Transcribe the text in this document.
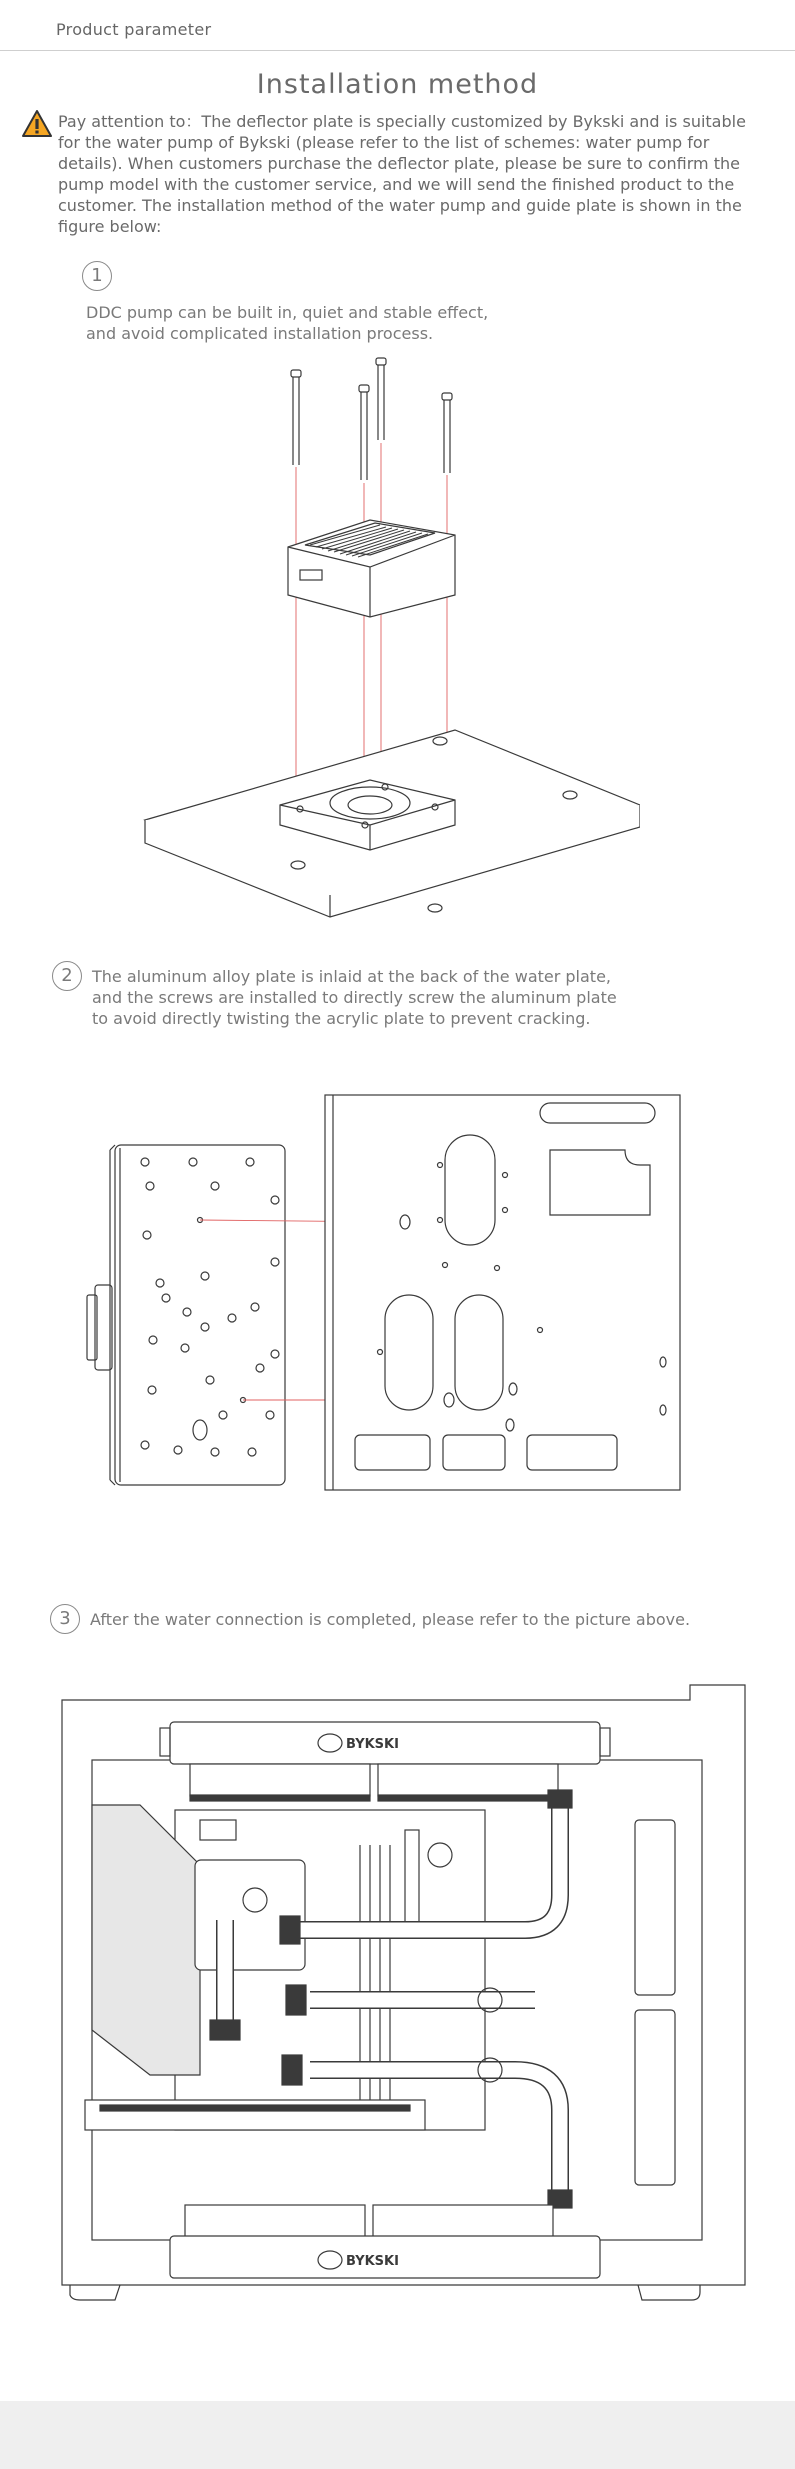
Product parameter
Installation method
Pay attention to：The deflector plate is specially customized by Bykski and is suitable for the water pump of Bykski (please refer to the list of schemes: water pump for details). When customers purchase the deflector plate, please be sure to confirm the pump model with the customer service, and we will send the finished product to the customer. The installation method of the water pump and guide plate is shown in the figure below:
1
DDC pump can be built in, quiet and stable effect,
and avoid complicated installation process.
2	The aluminum alloy plate is inlaid at the back of the water plate,
and the screws are installed to directly screw the aluminum plate
to avoid directly twisting the acrylic plate to prevent cracking.
3	After the water connection is completed, please refer to the picture above.
BYKSKI
BYKSKI
